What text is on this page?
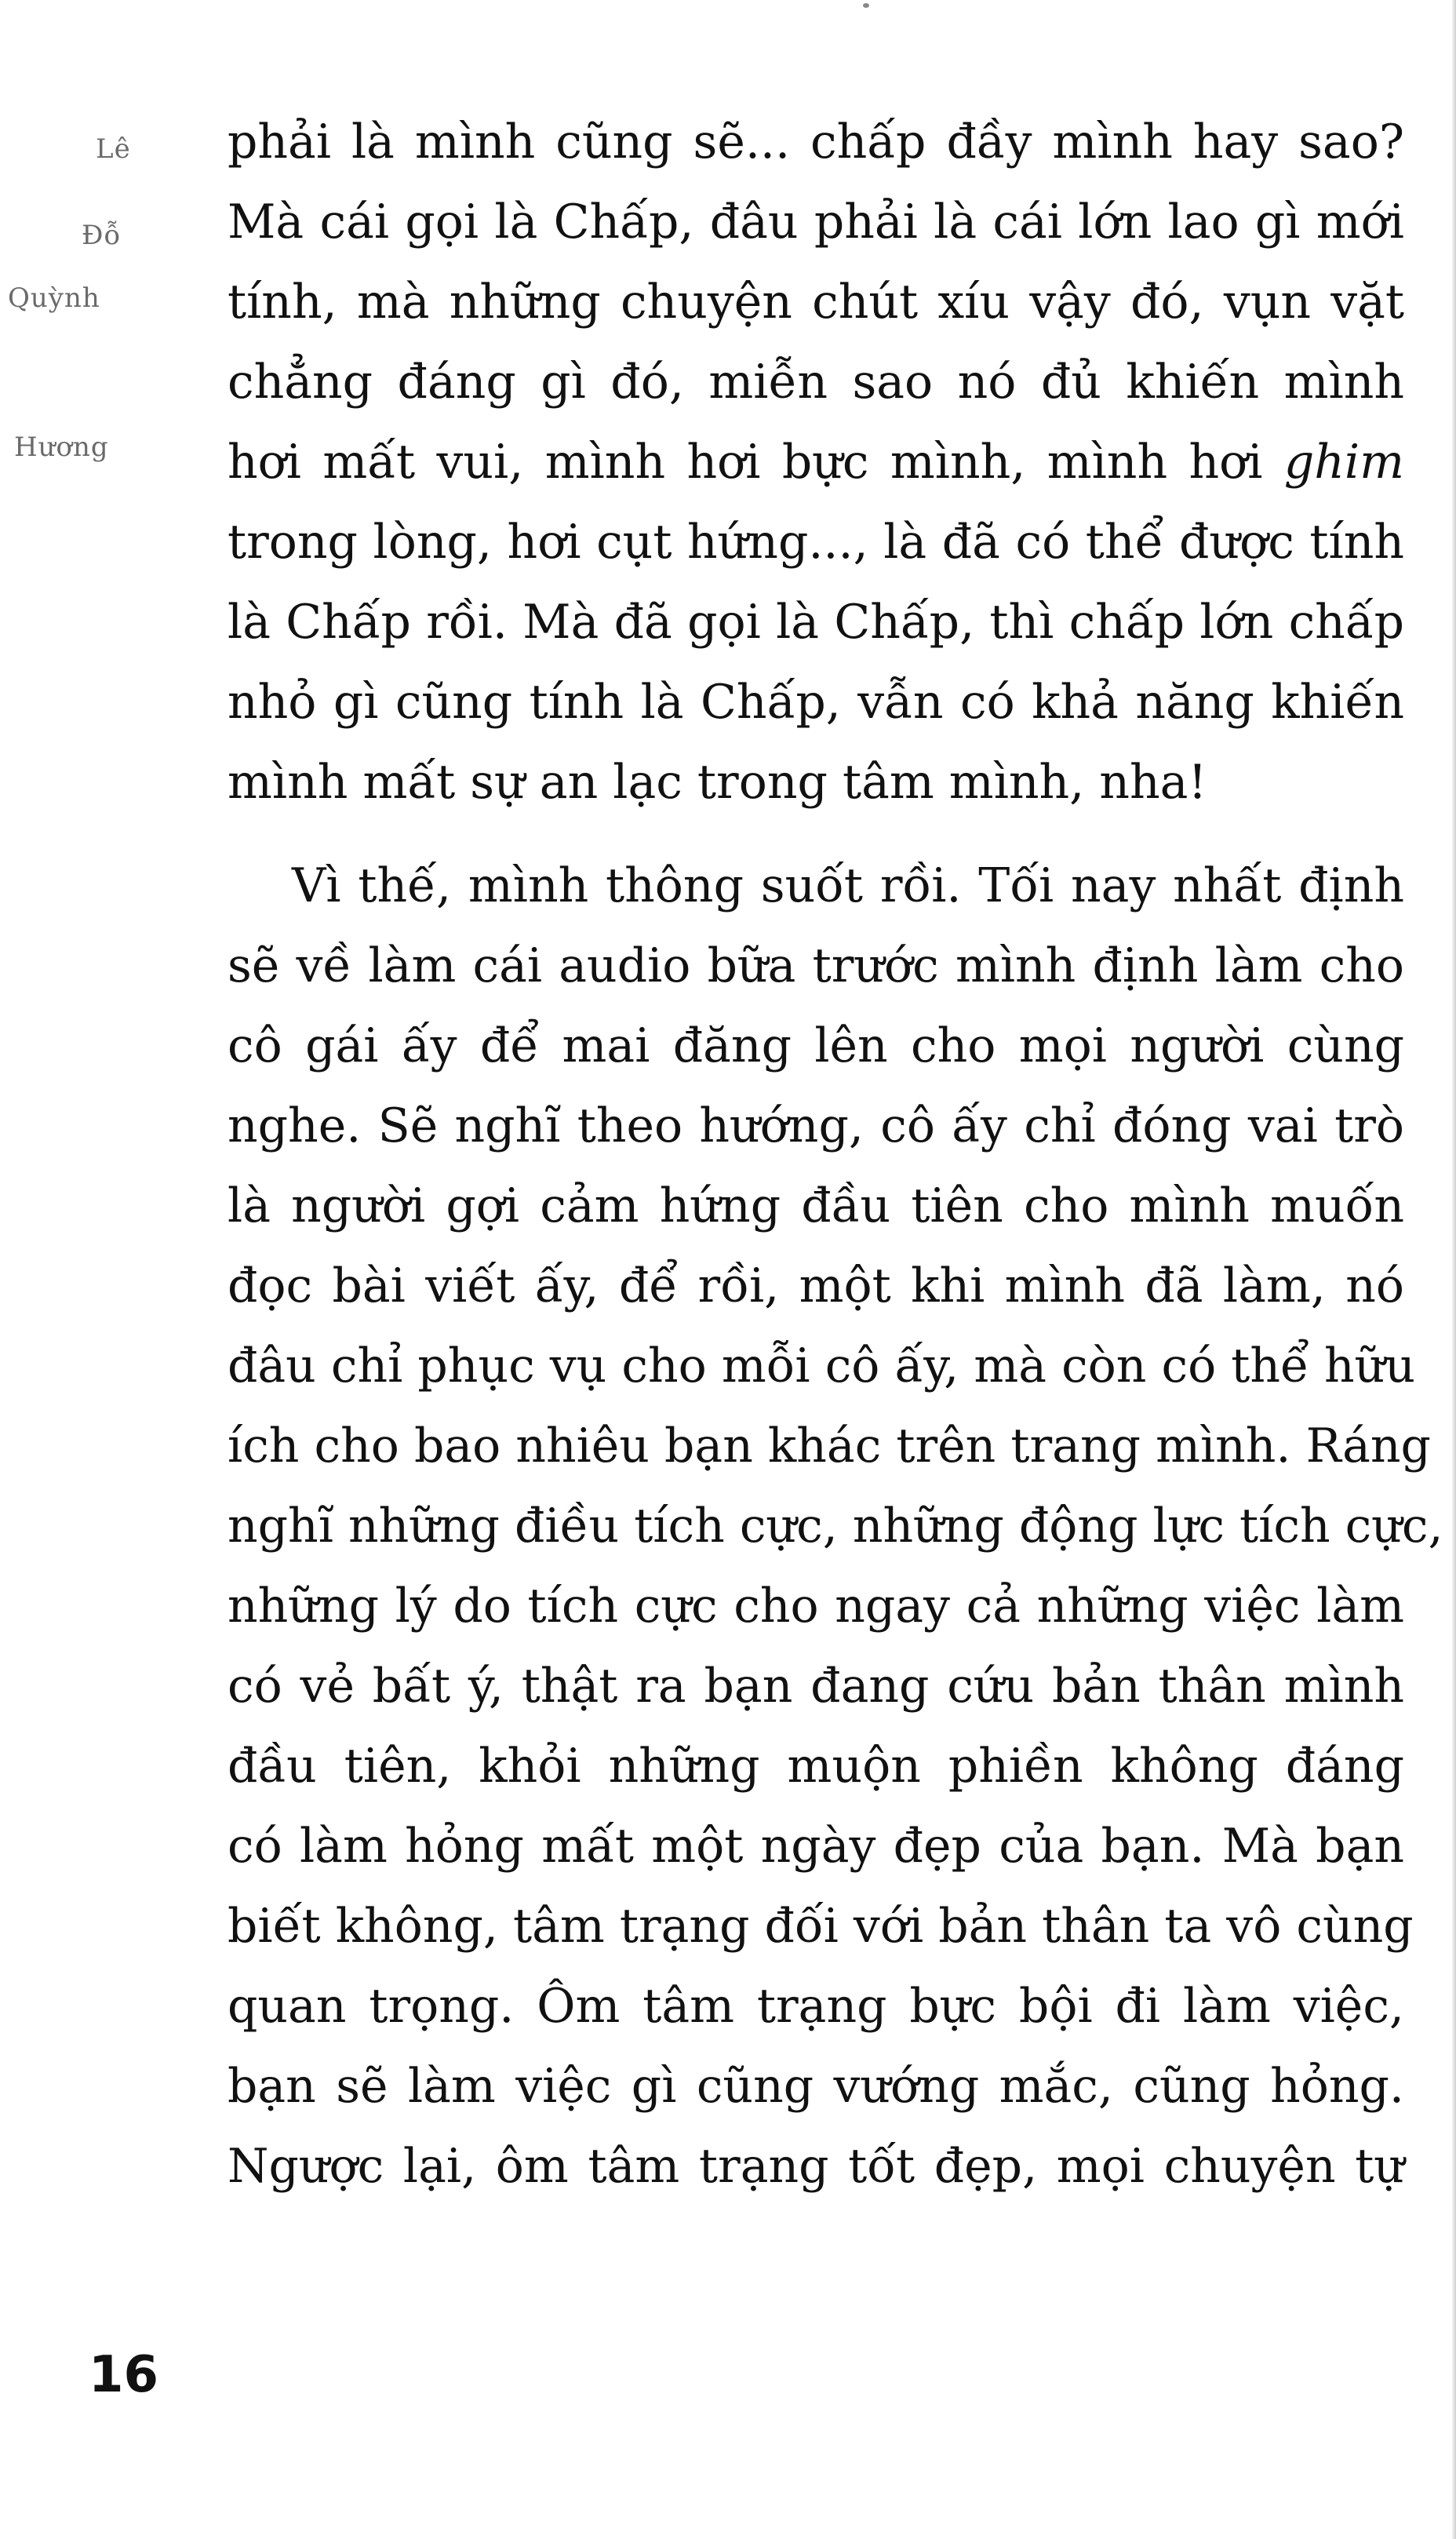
Lê
Đỗ
Quỳnh
Hương
phải là mình cũng sẽ... chấp đầy mình hay sao?
Mà cái gọi là Chấp, đâu phải là cái lớn lao gì mới
tính, mà những chuyện chút xíu vậy đó, vụn vặt
chẳng đáng gì đó, miễn sao nó đủ khiến mình
hơi mất vui, mình hơi bực mình, mình hơi ghim
trong lòng, hơi cụt hứng..., là đã có thể được tính
là Chấp rồi. Mà đã gọi là Chấp, thì chấp lớn chấp
nhỏ gì cũng tính là Chấp, vẫn có khả năng khiến
mình mất sự an lạc trong tâm mình, nha!
Vì thế, mình thông suốt rồi. Tối nay nhất định
sẽ về làm cái audio bữa trước mình định làm cho
cô gái ấy để mai đăng lên cho mọi người cùng
nghe. Sẽ nghĩ theo hướng, cô ấy chỉ đóng vai trò
là người gợi cảm hứng đầu tiên cho mình muốn
đọc bài viết ấy, để rồi, một khi mình đã làm, nó
đâu chỉ phục vụ cho mỗi cô ấy, mà còn có thể hữu
ích cho bao nhiêu bạn khác trên trang mình. Ráng
nghĩ những điều tích cực, những động lực tích cực,
những lý do tích cực cho ngay cả những việc làm
có vẻ bất ý, thật ra bạn đang cứu bản thân mình
đầu tiên, khỏi những muộn phiền không đáng
có làm hỏng mất một ngày đẹp của bạn. Mà bạn
biết không, tâm trạng đối với bản thân ta vô cùng
quan trọng. Ôm tâm trạng bực bội đi làm việc,
bạn sẽ làm việc gì cũng vướng mắc, cũng hỏng.
Ngược lại, ôm tâm trạng tốt đẹp, mọi chuyện tự
16
